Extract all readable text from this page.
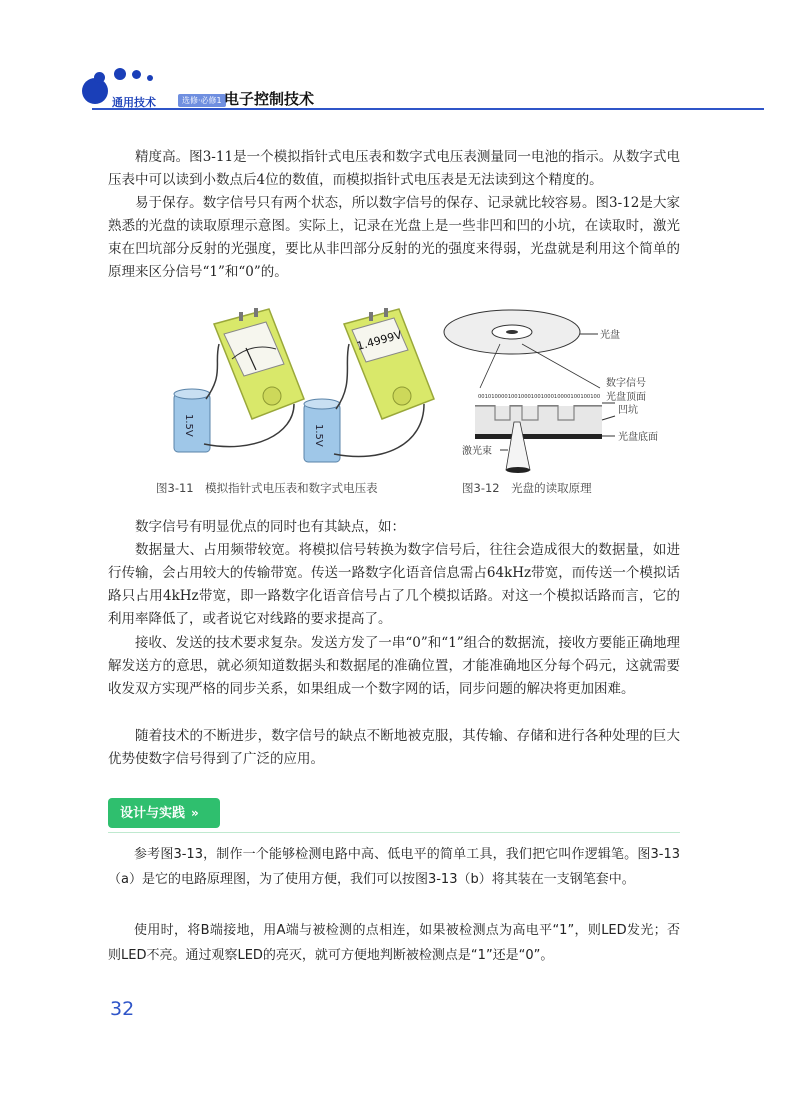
通用技术	选修·必修1 电子控制技术

精度高。图3-11是一个模拟指针式电压表和数字式电压表测量同一电池的指示。从数字式电压表中可以读到小数点后4位的数值，而模拟指针式电压表是无法读到这个精度的。

易于保存。数字信号只有两个状态，所以数字信号的保存、记录就比较容易。图3-12是大家熟悉的光盘的读取原理示意图。实际上，记录在光盘上是一些非凹和凹的小坑，在读取时，激光束在凹坑部分反射的光强度，要比从非凹部分反射的光的强度来得弱，光盘就是利用这个简单的原理来区分信号“1”和“0”的。

1.5V
1.4999V
1.5V
光盘
0010100001001000100100010000100100100
数字信号
光盘顶面
凹坑
光盘底面
激光束
图3-11　模拟指针式电压表和数字式电压表	图3-12　光盘的读取原理

数字信号有明显优点的同时也有其缺点，如：

数据量大、占用频带较宽。将模拟信号转换为数字信号后，往往会造成很大的数据量，如进行传输，会占用较大的传输带宽。传送一路数字化语音信息需占64kHz带宽，而传送一个模拟话路只占用4kHz带宽，即一路数字化语音信号占了几个模拟话路。对这一个模拟话路而言，它的利用率降低了，或者说它对线路的要求提高了。

接收、发送的技术要求复杂。发送方发了一串“0”和“1”组合的数据流，接收方要能正确地理解发送方的意思，就必须知道数据头和数据尾的准确位置，才能准确地区分每个码元，这就需要收发双方实现严格的同步关系，如果组成一个数字网的话，同步问题的解决将更加困难。

随着技术的不断进步，数字信号的缺点不断地被克服，其传输、存储和进行各种处理的巨大优势使数字信号得到了广泛的应用。

设计与实践 »

参考图3-13，制作一个能够检测电路中高、低电平的简单工具，我们把它叫作逻辑笔。图3-13（a）是它的电路原理图，为了使用方便，我们可以按图3-13（b）将其装在一支钢笔套中。

使用时，将B端接地，用A端与被检测的点相连，如果被检测点为高电平“1”，则LED发光；否则LED不亮。通过观察LED的亮灭，就可方便地判断被检测点是“1”还是“0”。

32
